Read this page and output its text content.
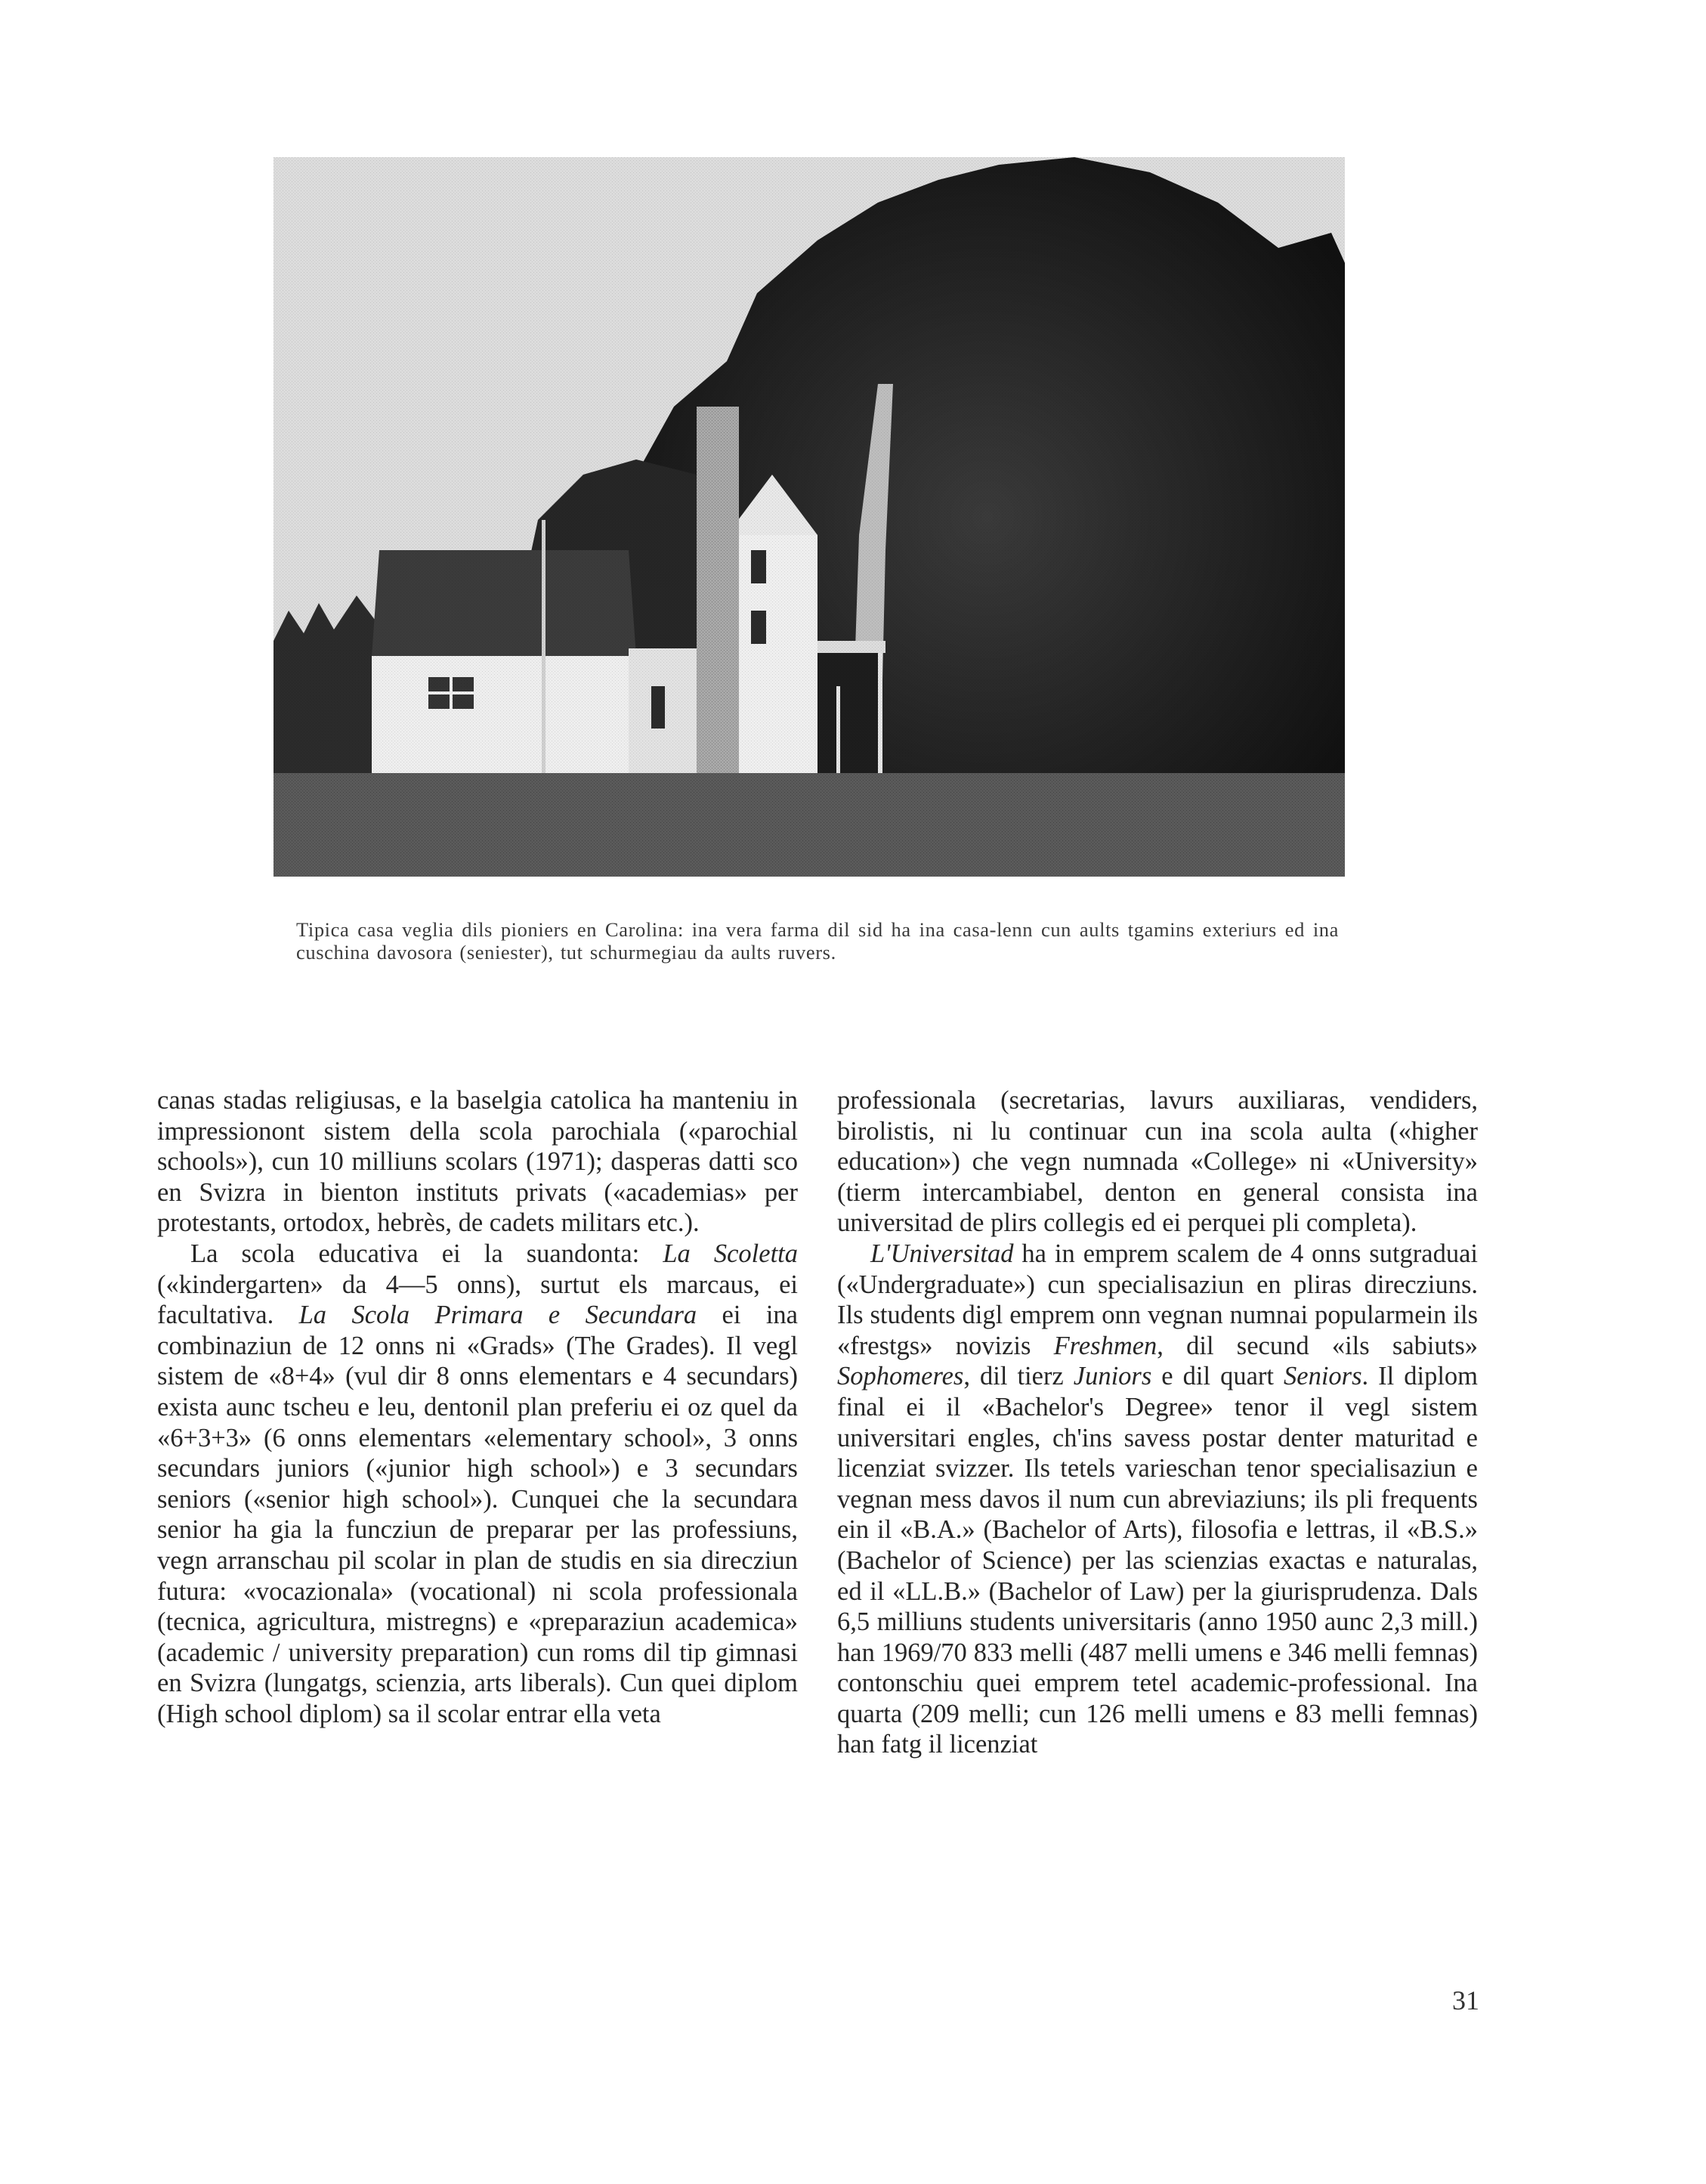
Tipica casa veglia dils pioniers en Carolina: ina vera farma dil sid ha ina casa-lenn cun aults tgamins exteriurs ed ina cuschina davosora (seniester), tut schurmegiau da aults ruvers.

canas stadas religiusas, e la baselgia catolica ha manteniu in impressionont sistem della scola parochiala («parochial schools»), cun 10 milliuns scolars (1971); dasperas datti sco en Svizra in bienton instituts privats («academias» per protestants, ortodox, hebrès, de cadets militars etc.).

La scola educativa ei la suandonta: La Scoletta («kindergarten» da 4—5 onns), surtut els marcaus, ei facultativa. La Scola Primara e Secundara ei ina combinaziun de 12 onns ni «Grads» (The Grades). Il vegl sistem de «8+4» (vul dir 8 onns elementars e 4 secundars) exista aunc tscheu e leu, dentonil plan preferiu ei oz quel da «6+3+3» (6 onns elementars «elementary school», 3 onns secundars juniors («junior high school») e 3 secundars seniors («senior high school»). Cunquei che la secundara senior ha gia la funcziun de preparar per las professiuns, vegn arranschau pil scolar in plan de studis en sia direcziun futura: «vocazionala» (vocational) ni scola professionala (tecnica, agricultura, mistregns) e «preparaziun academica» (academic / university preparation) cun roms dil tip gimnasi en Svizra (lungatgs, scienzia, arts liberals). Cun quei diplom (High school diplom) sa il scolar entrar ella veta

professionala (secretarias, lavurs auxiliaras, vendiders, birolistis, ni lu continuar cun ina scola aulta («higher education») che vegn numnada «College» ni «University» (tierm intercambiabel, denton en general consista ina universitad de plirs collegis ed ei perquei pli completa).

L'Universitad ha in emprem scalem de 4 onns sutgraduai («Undergraduate») cun specialisaziun en pliras direcziuns. Ils students digl emprem onn vegnan numnai popularmein ils «frestgs» novizis Freshmen, dil secund «ils sabiuts» Sophomeres, dil tierz Juniors e dil quart Seniors. Il diplom final ei il «Bachelor's Degree» tenor il vegl sistem universitari engles, ch'ins savess postar denter maturitad e licenziat svizzer. Ils tetels varieschan tenor specialisaziun e vegnan mess davos il num cun abreviaziuns; ils pli frequents ein il «B.A.» (Bachelor of Arts), filosofia e lettras, il «B.S.» (Bachelor of Science) per las scienzias exactas e naturalas, ed il «LL.B.» (Bachelor of Law) per la giurisprudenza. Dals 6,5 milliuns students universitaris (anno 1950 aunc 2,3 mill.) han 1969/70 833 melli (487 melli umens e 346 melli femnas) contonschiu quei emprem tetel academic-professional. Ina quarta (209 melli; cun 126 melli umens e 83 melli femnas) han fatg il licenziat

31
